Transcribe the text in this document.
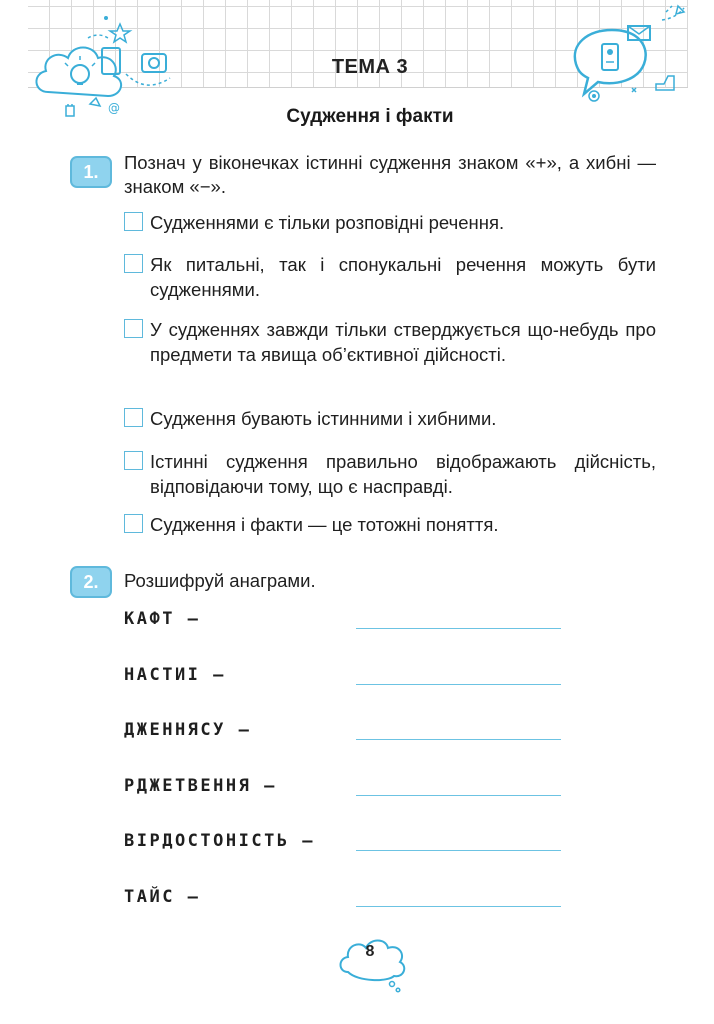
@
ТЕМА 3
Судження і факти
1.	Познач у віконечках істинні судження знаком «+», а хибні — знаком «−».
Судженнями є тільки розповідні речення.
Як питальні, так і спонукальні речення можуть бути судженнями.
У судженнях завжди тільки стверджується що-небудь про предмети та явища об’єктивної дійсності.
Судження бувають істинними і хибними.
Істинні судження правильно відображають дійсність, відповідаючи тому, що є насправді.
Судження і факти — це тотожні поняття.
2.	Розшифруй анаграми.
КАФТ —
НАСТИІ —
ДЖЕННЯСУ —
РДЖЕТВЕННЯ —
ВІРДОСТОНІСТЬ —
ТАЙС —
8
